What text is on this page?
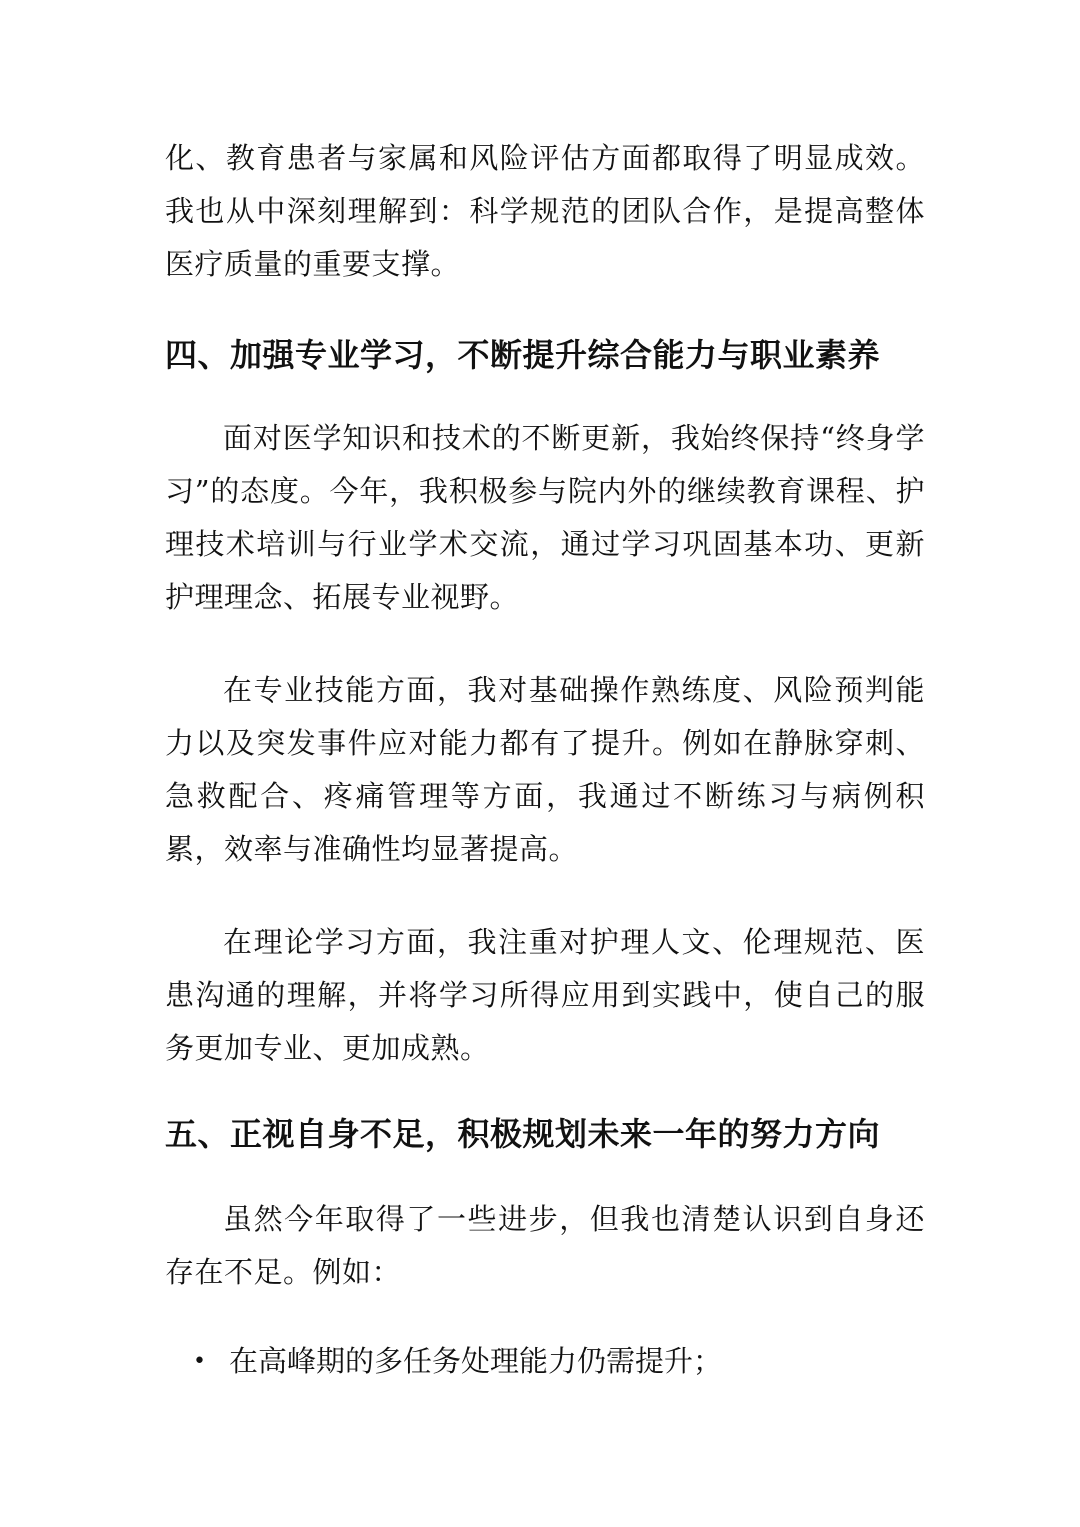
化、教育患者与家属和风险评估方面都取得了明显成效。我也从中深刻理解到：科学规范的团队合作，是提高整体医疗质量的重要支撑。

四、加强专业学习，不断提升综合能力与职业素养

面对医学知识和技术的不断更新，我始终保持“终身学习”的态度。今年，我积极参与院内外的继续教育课程、护理技术培训与行业学术交流，通过学习巩固基本功、更新护理理念、拓展专业视野。

在专业技能方面，我对基础操作熟练度、风险预判能力以及突发事件应对能力都有了提升。例如在静脉穿刺、急救配合、疼痛管理等方面，我通过不断练习与病例积累，效率与准确性均显著提高。

在理论学习方面，我注重对护理人文、伦理规范、医患沟通的理解，并将学习所得应用到实践中，使自己的服务更加专业、更加成熟。

五、正视自身不足，积极规划未来一年的努力方向

虽然今年取得了一些进步，但我也清楚认识到自身还存在不足。例如：

• 在高峰期的多任务处理能力仍需提升；
